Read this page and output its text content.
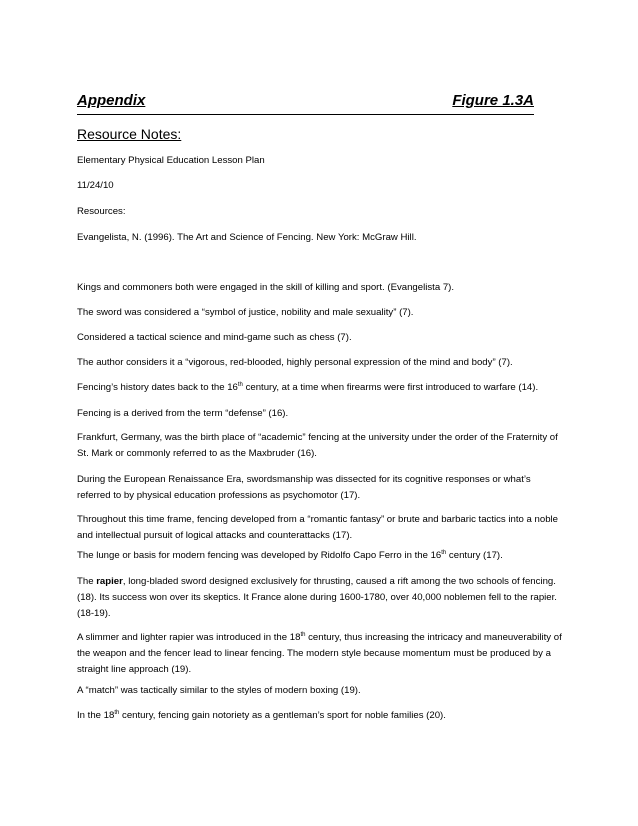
Appendix	Figure 1.3A
Resource Notes:
Elementary Physical Education Lesson Plan
11/24/10
Resources:
Evangelista, N. (1996). The Art and Science of Fencing. New York: McGraw Hill.
Kings and commoners both were engaged in the skill of killing and sport. (Evangelista 7).
The sword was considered a “symbol of justice, nobility and male sexuality” (7).
Considered a tactical science and mind-game such as chess (7).
The author considers it a “vigorous, red-blooded, highly personal expression of the mind and body” (7).
Fencing’s history dates back to the 16th century, at a time when firearms were first introduced to warfare (14).
Fencing is a derived from the term “defense” (16).
Frankfurt, Germany, was the birth place of “academic” fencing at the university under the order of the Fraternity of St. Mark or commonly referred to as the Maxbruder (16).
During the European Renaissance Era, swordsmanship was dissected for its cognitive responses or what’s referred to by physical education professions as psychomotor (17).
Throughout this time frame, fencing developed from a “romantic fantasy” or brute and barbaric tactics into a noble and intellectual pursuit of logical attacks and counterattacks (17).
The lunge or basis for modern fencing was developed by Ridolfo Capo Ferro in the 16th century (17).
The rapier, long-bladed sword designed exclusively for thrusting, caused a rift among the two schools of fencing. (18). Its success won over its skeptics. It France alone during 1600-1780, over 40,000 noblemen fell to the rapier. (18-19).
A slimmer and lighter rapier was introduced in the 18th century, thus increasing the intricacy and maneuverability of the weapon and the fencer lead to linear fencing. The modern style because momentum must be produced by a straight line approach (19).
A “match” was tactically similar to the styles of modern boxing (19).
In the 18th century, fencing gain notoriety as a gentleman’s sport for noble families (20).
